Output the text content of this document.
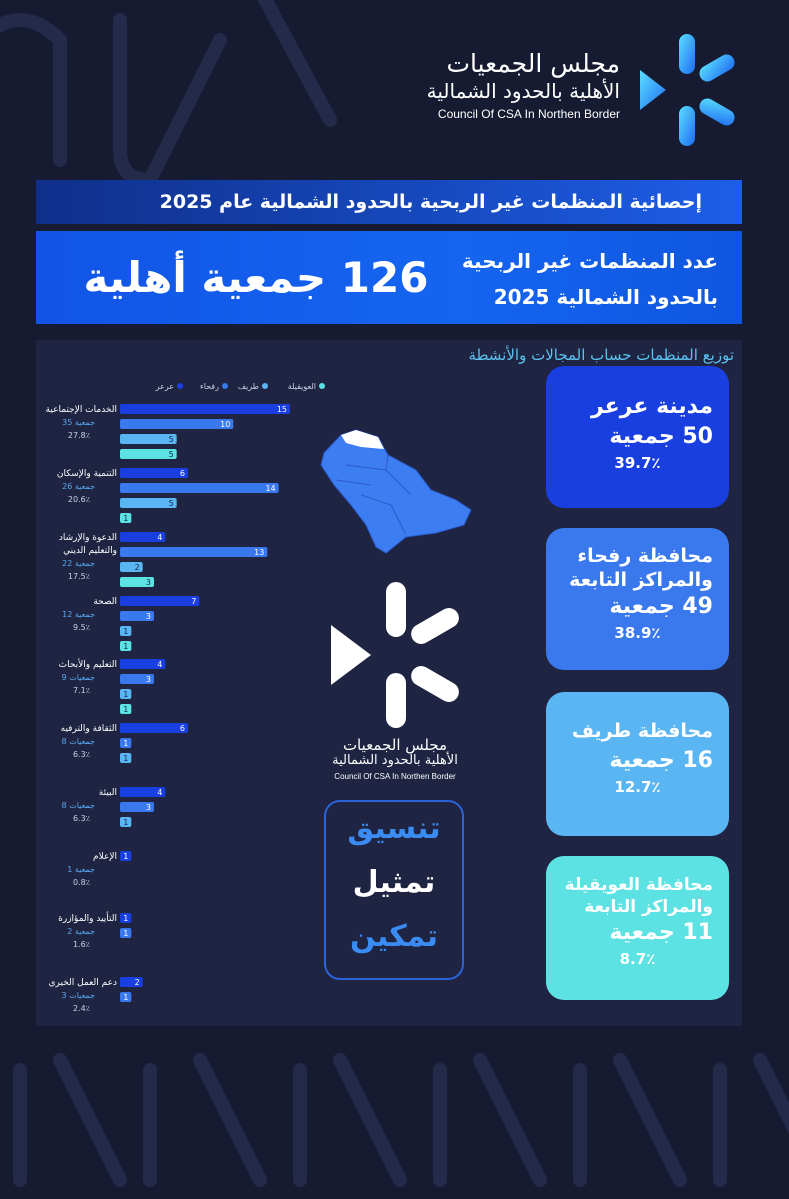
مجلس الجمعيات
الأهلية بالحدود الشمالية
Council Of CSA In Northen Border
إحصائية المنظمات غير الربحية بالحدود الشمالية عام 2025
عدد المنظمات غير الربحية
بالحدود الشمالية 2025
126 جمعية أهلية
توزيع المنظمات حساب المجالات والأنشطة
عرعر	رفحاء طريف	العويقيلة
الخدمات الإجتماعية
35 جمعية
27.8٪
15
10
5
5
التنمية والإسكان
26 جمعية
20.6٪
6
14
5
1
الدعوة والإرشاد
والتعليم الديني
22 جمعية
17.5٪
4
13
2
3
الصحة
12 جمعية
9.5٪
7
3
1
1
التعليم والأبحاث
9 جمعيات
7.1٪
4
3
1
1
الثقافة والترفيه
8 جمعيات
6.3٪
6
1
1
البيئة
8 جمعيات
6.3٪
4
3
1
الإعلام
1 جمعية
0.8٪
1
التأييد والمؤازرة
2 جمعية
1.6٪
1
1
دعم العمل الخيري
3 جمعيات
2.4٪
2
1
مجلس الجمعيات
الأهلية بالحدود الشمالية
Council Of CSA In Northen Border
تنسيق
تمثيل
تمكين
مدينة عرعر
50 جمعية
39.7٪
محافظة رفحاء
والمراكز التابعة
49 جمعية
38.9٪
محافظة طريف
16 جمعية
12.7٪
محافظة العويقيلة
والمراكز التابعة
11 جمعية
8.7٪
